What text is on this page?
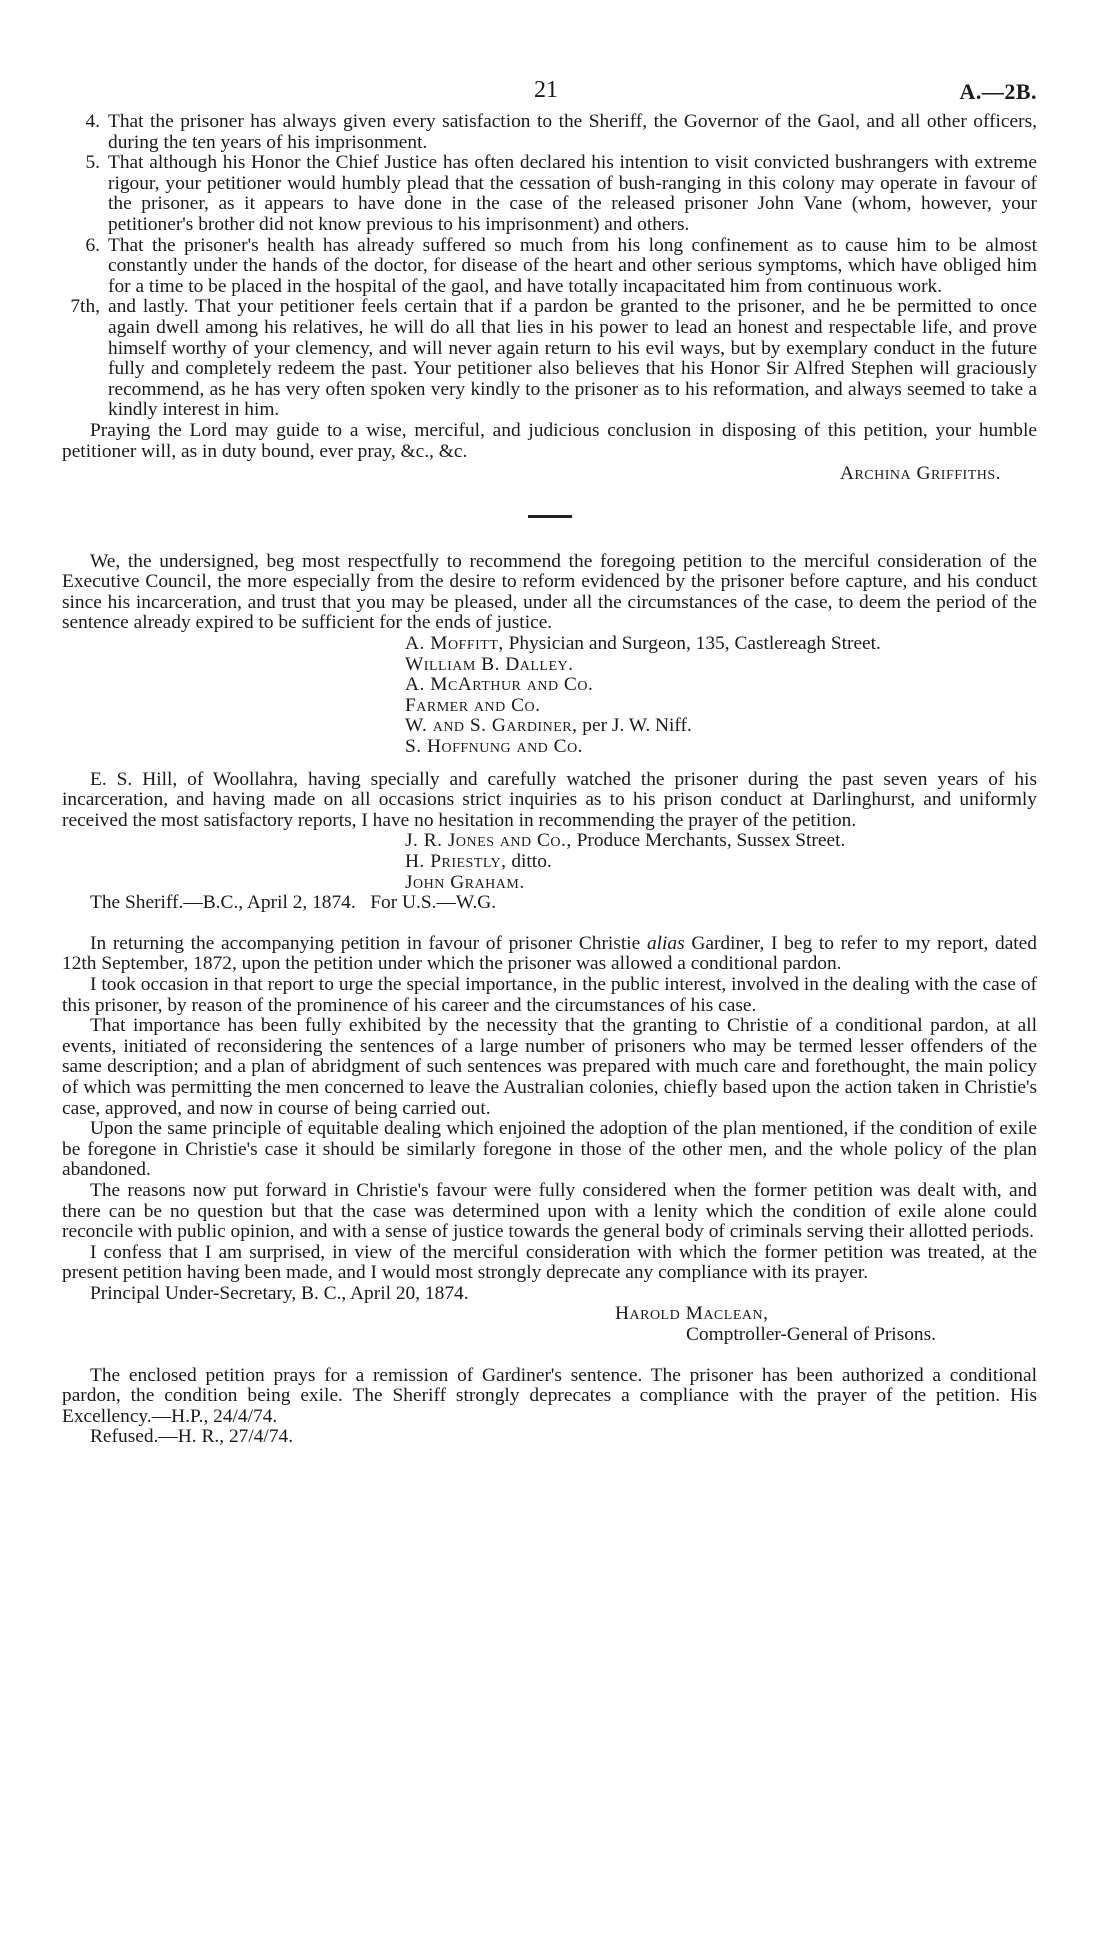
21	A.—2B.
4. That the prisoner has always given every satisfaction to the Sheriff, the Governor of the Gaol, and all other officers, during the ten years of his imprisonment.
5. That although his Honor the Chief Justice has often declared his intention to visit convicted bushrangers with extreme rigour, your petitioner would humbly plead that the cessation of bush-ranging in this colony may operate in favour of the prisoner, as it appears to have done in the case of the released prisoner John Vane (whom, however, your petitioner's brother did not know previous to his imprisonment) and others.
6. That the prisoner's health has already suffered so much from his long confinement as to cause him to be almost constantly under the hands of the doctor, for disease of the heart and other serious symptoms, which have obliged him for a time to be placed in the hospital of the gaol, and have totally incapacitated him from continuous work.
7th, and lastly. That your petitioner feels certain that if a pardon be granted to the prisoner, and he be permitted to once again dwell among his relatives, he will do all that lies in his power to lead an honest and respectable life, and prove himself worthy of your clemency, and will never again return to his evil ways, but by exemplary conduct in the future fully and completely redeem the past. Your petitioner also believes that his Honor Sir Alfred Stephen will graciously recommend, as he has very often spoken very kindly to the prisoner as to his reformation, and always seemed to take a kindly interest in him.

Praying the Lord may guide to a wise, merciful, and judicious conclusion in disposing of this petition, your humble petitioner will, as in duty bound, ever pray, &c., &c.

Archina Griffiths.

We, the undersigned, beg most respectfully to recommend the foregoing petition to the merciful consideration of the Executive Council, the more especially from the desire to reform evidenced by the prisoner before capture, and his conduct since his incarceration, and trust that you may be pleased, under all the circumstances of the case, to deem the period of the sentence already expired to be sufficient for the ends of justice.

A. Moffitt, Physician and Surgeon, 135, Castlereagh Street.
William B. Dalley.
A. McArthur and Co.
Farmer and Co.
W. and S. Gardiner, per J. W. Niff.
S. Hoffnung and Co.

E. S. Hill, of Woollahra, having specially and carefully watched the prisoner during the past seven years of his incarceration, and having made on all occasions strict inquiries as to his prison conduct at Darlinghurst, and uniformly received the most satisfactory reports, I have no hesitation in recommending the prayer of the petition.

J. R. Jones and Co., Produce Merchants, Sussex Street.
H. Priestly, ditto.
John Graham.

The Sheriff.—B.C., April 2, 1874.   For U.S.—W.G.

In returning the accompanying petition in favour of prisoner Christie alias Gardiner, I beg to refer to my report, dated 12th September, 1872, upon the petition under which the prisoner was allowed a conditional pardon.

I took occasion in that report to urge the special importance, in the public interest, involved in the dealing with the case of this prisoner, by reason of the prominence of his career and the circumstances of his case.

That importance has been fully exhibited by the necessity that the granting to Christie of a conditional pardon, at all events, initiated of reconsidering the sentences of a large number of prisoners who may be termed lesser offenders of the same description; and a plan of abridgment of such sentences was prepared with much care and forethought, the main policy of which was permitting the men concerned to leave the Australian colonies, chiefly based upon the action taken in Christie's case, approved, and now in course of being carried out.

Upon the same principle of equitable dealing which enjoined the adoption of the plan mentioned, if the condition of exile be foregone in Christie's case it should be similarly foregone in those of the other men, and the whole policy of the plan abandoned.

The reasons now put forward in Christie's favour were fully considered when the former petition was dealt with, and there can be no question but that the case was determined upon with a lenity which the condition of exile alone could reconcile with public opinion, and with a sense of justice towards the general body of criminals serving their allotted periods.

I confess that I am surprised, in view of the merciful consideration with which the former petition was treated, at the present petition having been made, and I would most strongly deprecate any compliance with its prayer.

Principal Under-Secretary, B. C., April 20, 1874.

Harold Maclean,

Comptroller-General of Prisons.

The enclosed petition prays for a remission of Gardiner's sentence. The prisoner has been authorized a conditional pardon, the condition being exile. The Sheriff strongly deprecates a compliance with the prayer of the petition. His Excellency.—H.P., 24/4/74.

Refused.—H. R., 27/4/74.
